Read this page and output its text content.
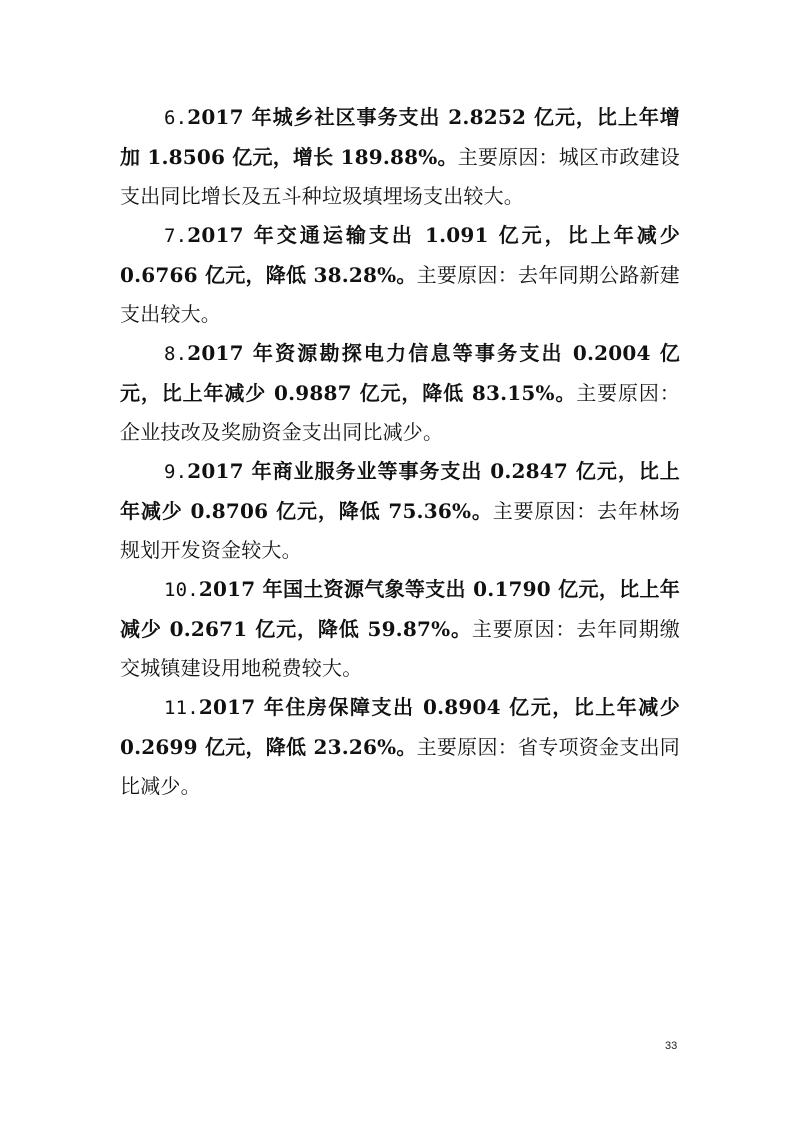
6.2017 年城乡社区事务支出 2.8252 亿元，比上年增加 1.8506 亿元，增长 189.88%。主要原因：城区市政建设支出同比增长及五斗种垃圾填埋场支出较大。

7.2017 年交通运输支出 1.091 亿元，比上年减少 0.6766 亿元，降低 38.28%。主要原因：去年同期公路新建支出较大。

8.2017 年资源勘探电力信息等事务支出 0.2004 亿元，比上年减少 0.9887 亿元，降低 83.15%。主要原因：企业技改及奖励资金支出同比减少。

9.2017 年商业服务业等事务支出 0.2847 亿元，比上年减少 0.8706 亿元，降低 75.36%。主要原因：去年林场规划开发资金较大。

10.2017 年国土资源气象等支出 0.1790 亿元，比上年减少 0.2671 亿元，降低 59.87%。主要原因：去年同期缴交城镇建设用地税费较大。

11.2017 年住房保障支出 0.8904 亿元，比上年减少 0.2699 亿元，降低 23.26%。主要原因：省专项资金支出同比减少。

33
